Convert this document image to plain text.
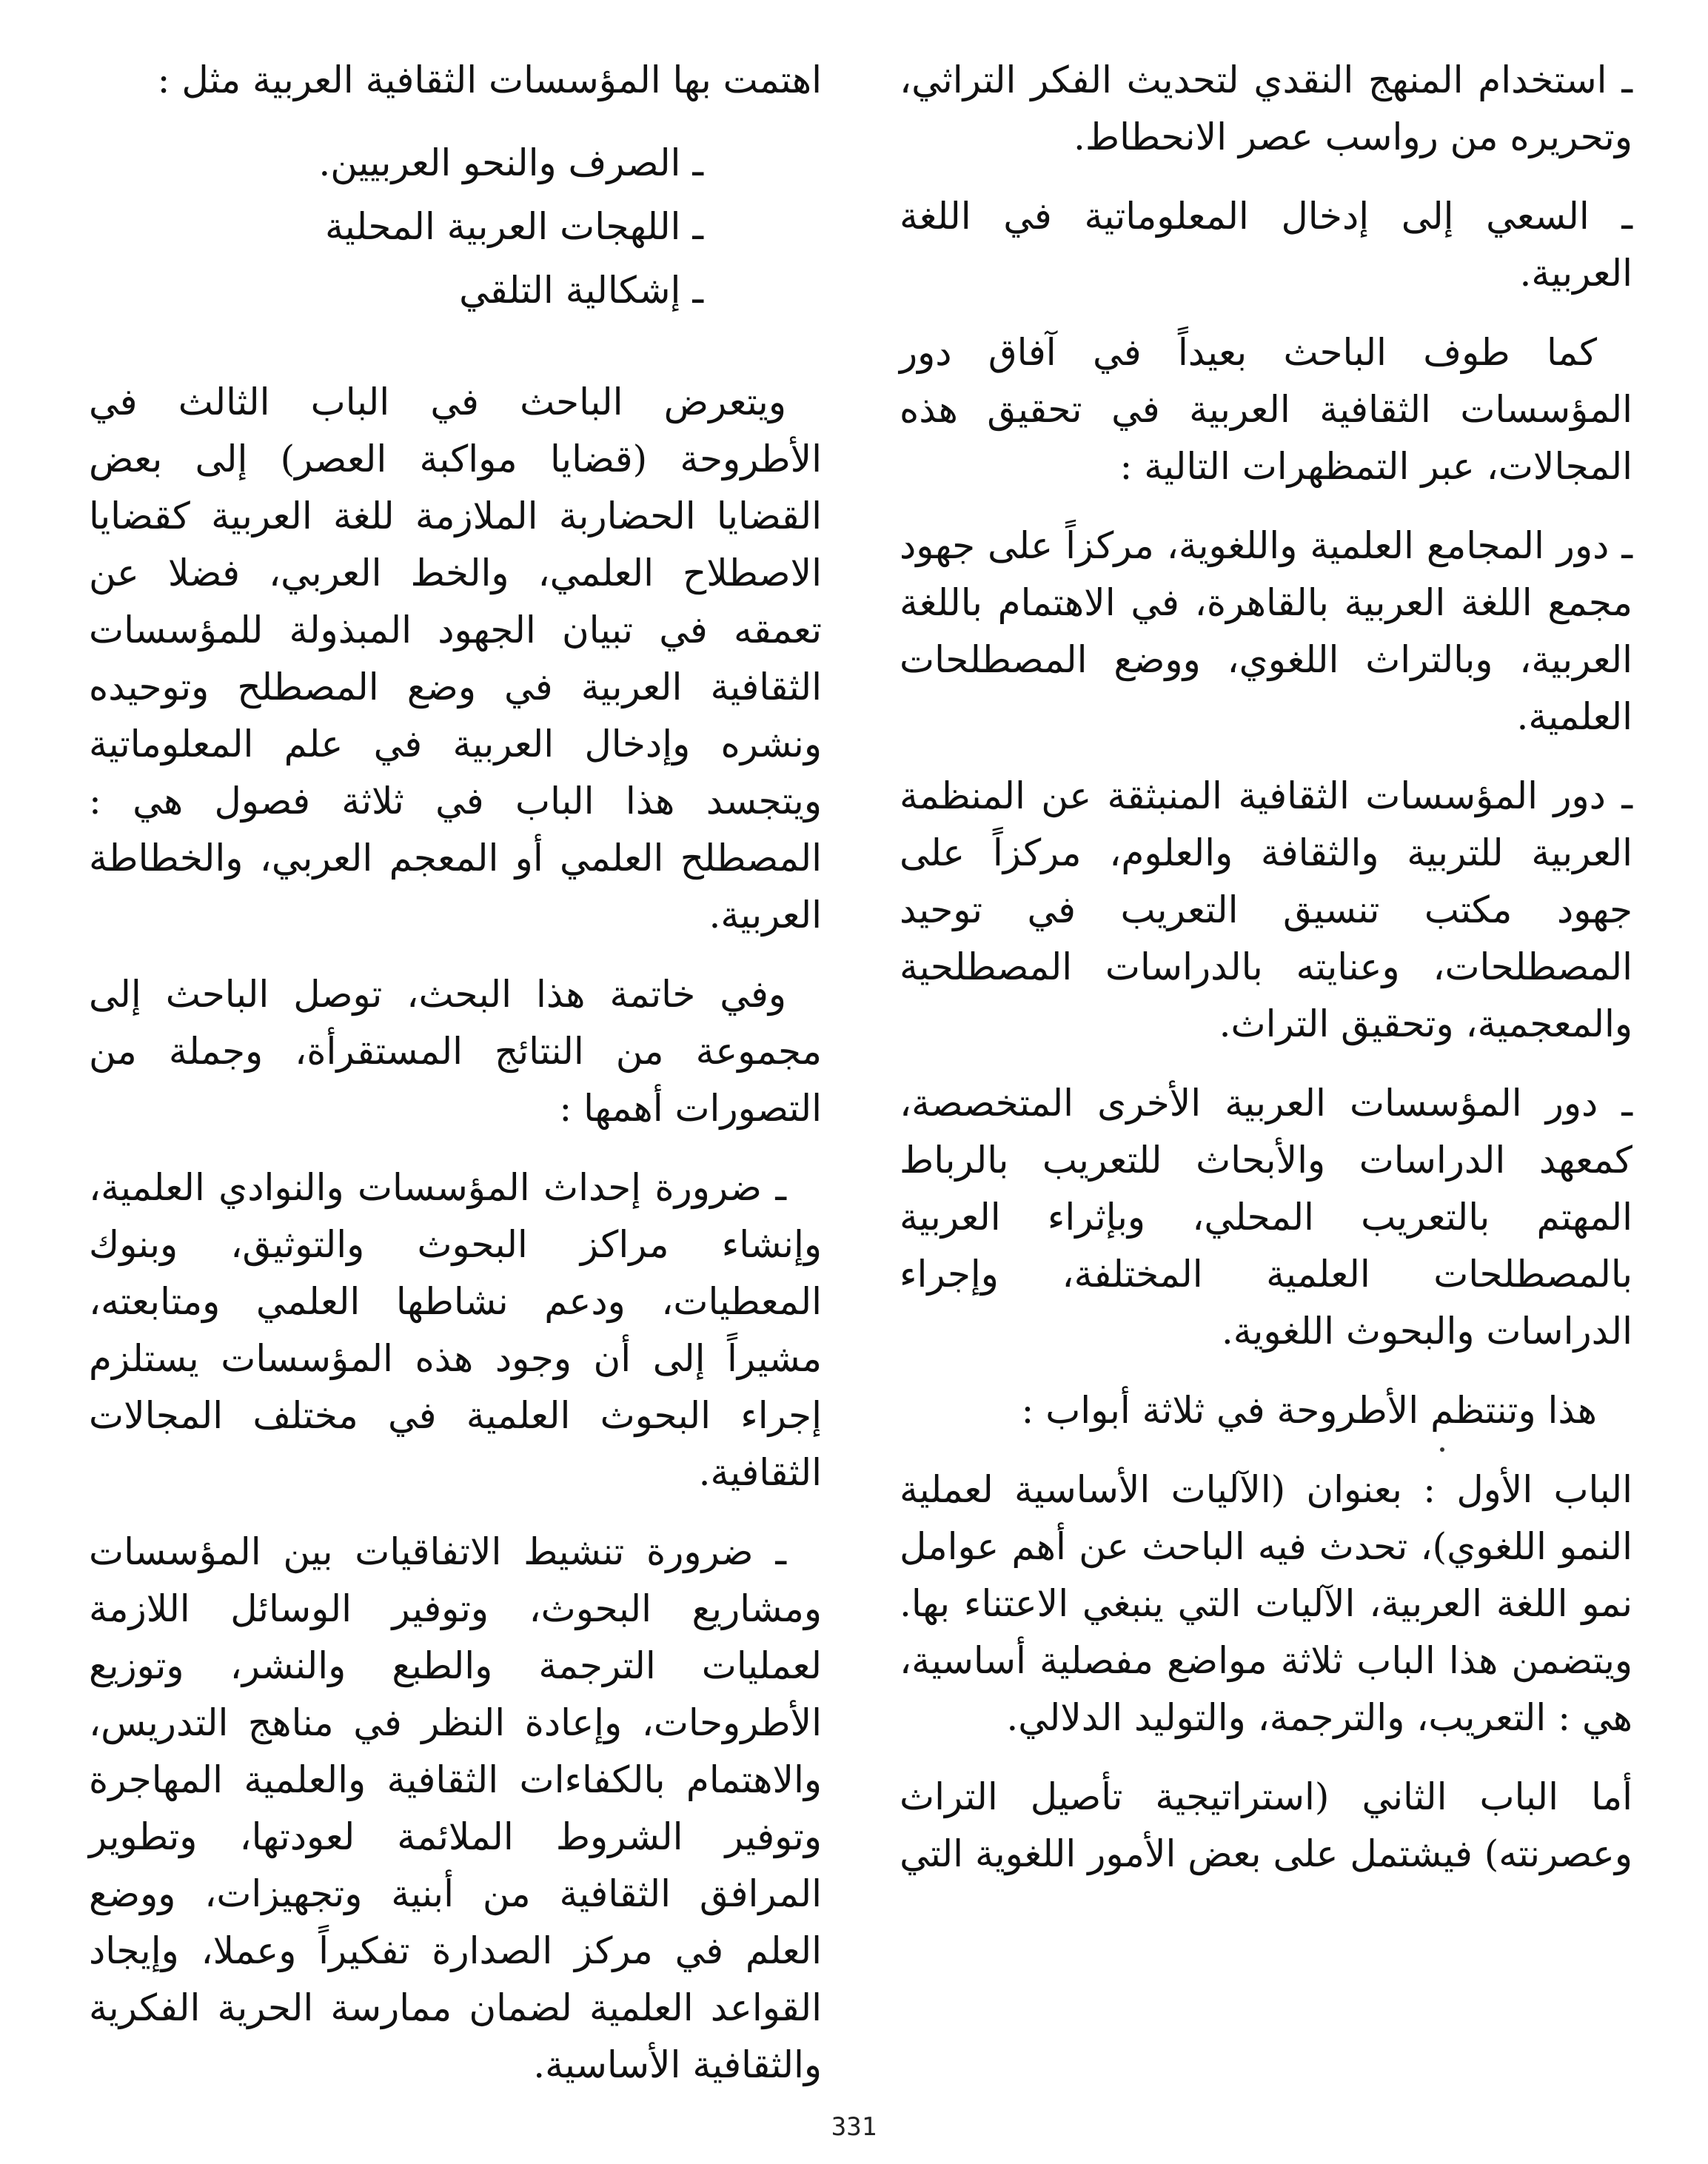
ـ استخدام المنهج النقدي لتحديث الفكر التراثي، وتحريره من رواسب عصر الانحطاط.

ـ السعي إلى إدخال المعلوماتية في اللغة العربية.

كما طوف الباحث بعيداً في آفاق دور المؤسسات الثقافية العربية في تحقيق هذه المجالات، عبر التمظهرات التالية :

ـ دور المجامع العلمية واللغوية، مركزاً على جهود مجمع اللغة العربية بالقاهرة، في الاهتمام باللغة العربية، وبالتراث اللغوي، ووضع المصطلحات العلمية.

ـ دور المؤسسات الثقافية المنبثقة عن المنظمة العربية للتربية والثقافة والعلوم، مركزاً على جهود مكتب تنسيق التعريب في توحيد المصطلحات، وعنايته بالدراسات المصطلحية والمعجمية، وتحقيق التراث.

ـ دور المؤسسات العربية الأخرى المتخصصة، كمعهد الدراسات والأبحاث للتعريب بالرباط المهتم بالتعريب المحلي، وبإثراء العربية بالمصطلحات العلمية المختلفة، وإجراء الدراسات والبحوث اللغوية.

هذا وتنتظم الأطروحة في ثلاثة أبواب :

الباب الأول : بعنوان (الآليات الأساسية لعملية النمو اللغوي)، تحدث فيه الباحث عن أهم عوامل نمو اللغة العربية، الآليات التي ينبغي الاعتناء بها. ويتضمن هذا الباب ثلاثة مواضع مفصلية أساسية، هي : التعريب، والترجمة، والتوليد الدلالي.

أما الباب الثاني (استراتيجية تأصيل التراث وعصرنته) فيشتمل على بعض الأمور اللغوية التي

اهتمت بها المؤسسات الثقافية العربية مثل :

ـ الصرف والنحو العربيين.
ـ اللهجات العربية المحلية
ـ إشكالية التلقي

ويتعرض الباحث في الباب الثالث في الأطروحة (قضايا مواكبة العصر) إلى بعض القضايا الحضاربة الملازمة للغة العربية كقضايا الاصطلاح العلمي، والخط العربي، فضلا عن تعمقه في تبيان الجهود المبذولة للمؤسسات الثقافية العربية في وضع المصطلح وتوحيده ونشره وإدخال العربية في علم المعلوماتية ويتجسد هذا الباب في ثلاثة فصول هي : المصطلح العلمي أو المعجم العربي، والخطاطة العربية.

وفي خاتمة هذا البحث، توصل الباحث إلى مجموعة من النتائج المستقرأة، وجملة من التصورات أهمها :

ـ ضرورة إحداث المؤسسات والنوادي العلمية، وإنشاء مراكز البحوث والتوثيق، وبنوك المعطيات، ودعم نشاطها العلمي ومتابعته، مشيراً إلى أن وجود هذه المؤسسات يستلزم إجراء البحوث العلمية في مختلف المجالات الثقافية.

ـ ضرورة تنشيط الاتفاقيات بين المؤسسات ومشاريع البحوث، وتوفير الوسائل اللازمة لعمليات الترجمة والطبع والنشر، وتوزيع الأطروحات، وإعادة النظر في مناهج التدريس، والاهتمام بالكفاءات الثقافية والعلمية المهاجرة وتوفير الشروط الملائمة لعودتها، وتطوير المرافق الثقافية من أبنية وتجهيزات، ووضع العلم في مركز الصدارة تفكيراً وعملا، وإيجاد القواعد العلمية لضمان ممارسة الحرية الفكرية والثقافية الأساسية.

331
